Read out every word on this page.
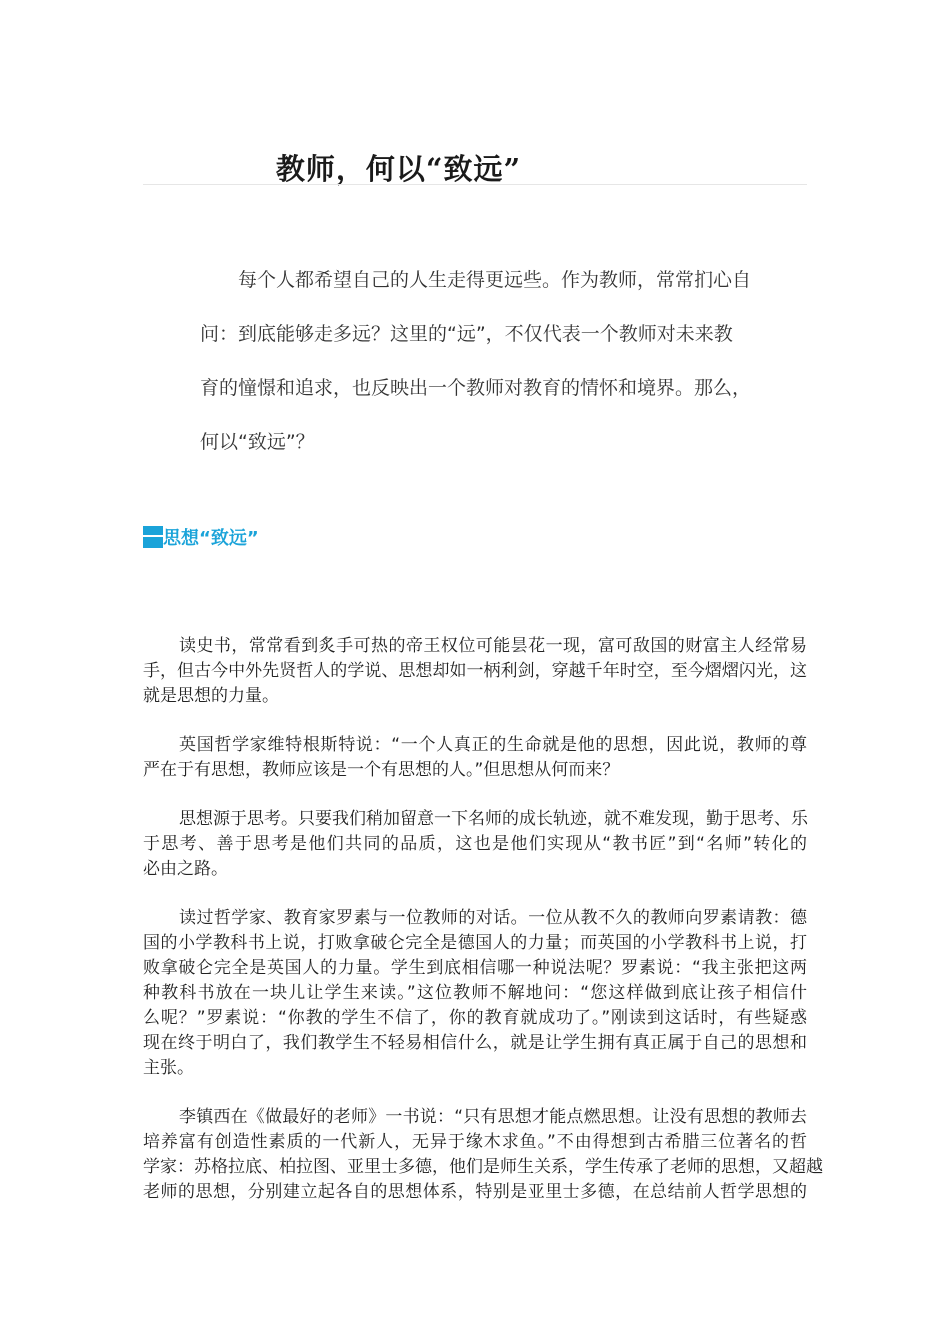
教师，何以“致远”
每个人都希望自己的人生走得更远些。作为教师，常常扪心自
问：到底能够走多远？这里的“远”，不仅代表一个教师对未来教
育的憧憬和追求，也反映出一个教师对教育的情怀和境界。那么，
何以“致远”？
思想“致远”
读史书，常常看到炙手可热的帝王权位可能昙花一现，富可敌国的财富主人经常易
手，但古今中外先贤哲人的学说、思想却如一柄利剑，穿越千年时空，至今熠熠闪光，这
就是思想的力量。
英国哲学家维特根斯特说：“一个人真正的生命就是他的思想，因此说，教师的尊
严在于有思想，教师应该是一个有思想的人。”但思想从何而来？
思想源于思考。只要我们稍加留意一下名师的成长轨迹，就不难发现，勤于思考、乐
于思考、善于思考是他们共同的品质，这也是他们实现从“教书匠”到“名师”转化的
必由之路。
读过哲学家、教育家罗素与一位教师的对话。一位从教不久的教师向罗素请教：德
国的小学教科书上说，打败拿破仑完全是德国人的力量；而英国的小学教科书上说，打
败拿破仑完全是英国人的力量。学生到底相信哪一种说法呢？罗素说：“我主张把这两
种教科书放在一块儿让学生来读。”这位教师不解地问：“您这样做到底让孩子相信什
么呢？”罗素说：“你教的学生不信了，你的教育就成功了。”刚读到这话时，有些疑惑
现在终于明白了，我们教学生不轻易相信什么，就是让学生拥有真正属于自己的思想和
主张。
李镇西在《做最好的老师》一书说：“只有思想才能点燃思想。让没有思想的教师去
培养富有创造性素质的一代新人，无异于缘木求鱼。”不由得想到古希腊三位著名的哲
学家：苏格拉底、柏拉图、亚里士多德，他们是师生关系，学生传承了老师的思想，又超越
老师的思想，分别建立起各自的思想体系，特别是亚里士多德，在总结前人哲学思想的
